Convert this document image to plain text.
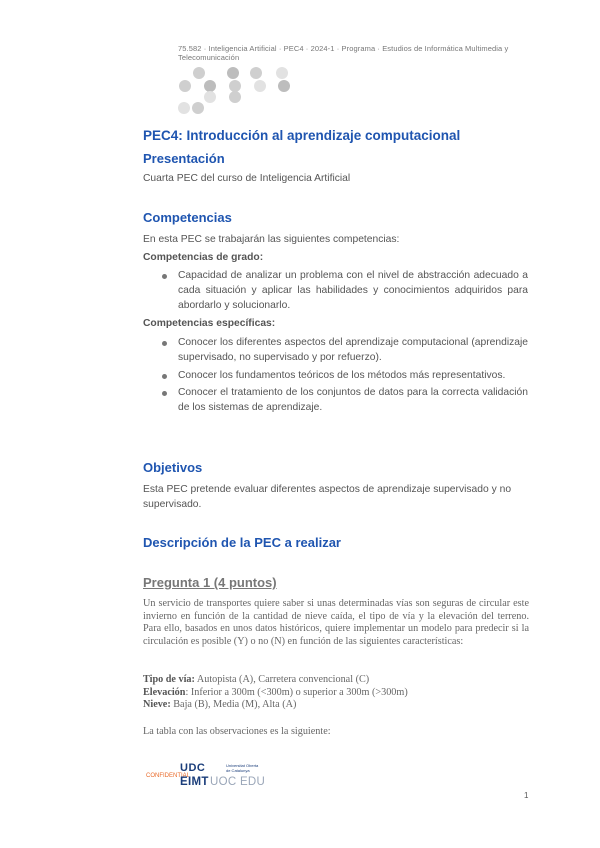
75.582 · Inteligencia Artificial · PEC4 · 2024-1 · Programa · Estudios de Informática Multimedia y
Telecomunicación
PEC4: Introducción al aprendizaje computacional
Presentación
Cuarta PEC del curso de Inteligencia Artificial
Competencias
En esta PEC se trabajarán las siguientes competencias:
Competencias de grado:
Capacidad de analizar un problema con el nivel de abstracción adecuado a cada situación y aplicar las habilidades y conocimientos adquiridos para abordarlo y solucionarlo.
Competencias específicas:
Conocer los diferentes aspectos del aprendizaje computacional (aprendizaje supervisado, no supervisado y por refuerzo).
Conocer los fundamentos teóricos de los métodos más representativos.
Conocer el tratamiento de los conjuntos de datos para la correcta validación de los sistemas de aprendizaje.
Objetivos
Esta PEC pretende evaluar diferentes aspectos de aprendizaje supervisado y no supervisado.
Descripción de la PEC a realizar
Pregunta 1 (4 puntos)
Un servicio de transportes quiere saber si unas determinadas vías son seguras de circular este invierno en función de la cantidad de nieve caída, el tipo de vía y la elevación del terreno. Para ello, basados en unos datos históricos, quiere implementar un modelo para predecir si la circulación es posible (Y) o no (N) en función de las siguientes características:
Tipo de vía: Autopista (A), Carretera convencional (C)
Elevación: Inferior a 300m (<300m) o superior a 300m (>300m)
Nieve: Baja (B), Media (M), Alta (A)
La tabla con las observaciones es la siguiente:
CONFIDENTIAL
UDC	Universitat Oberta
de Catalunya
EIMT UOC EDU
1
